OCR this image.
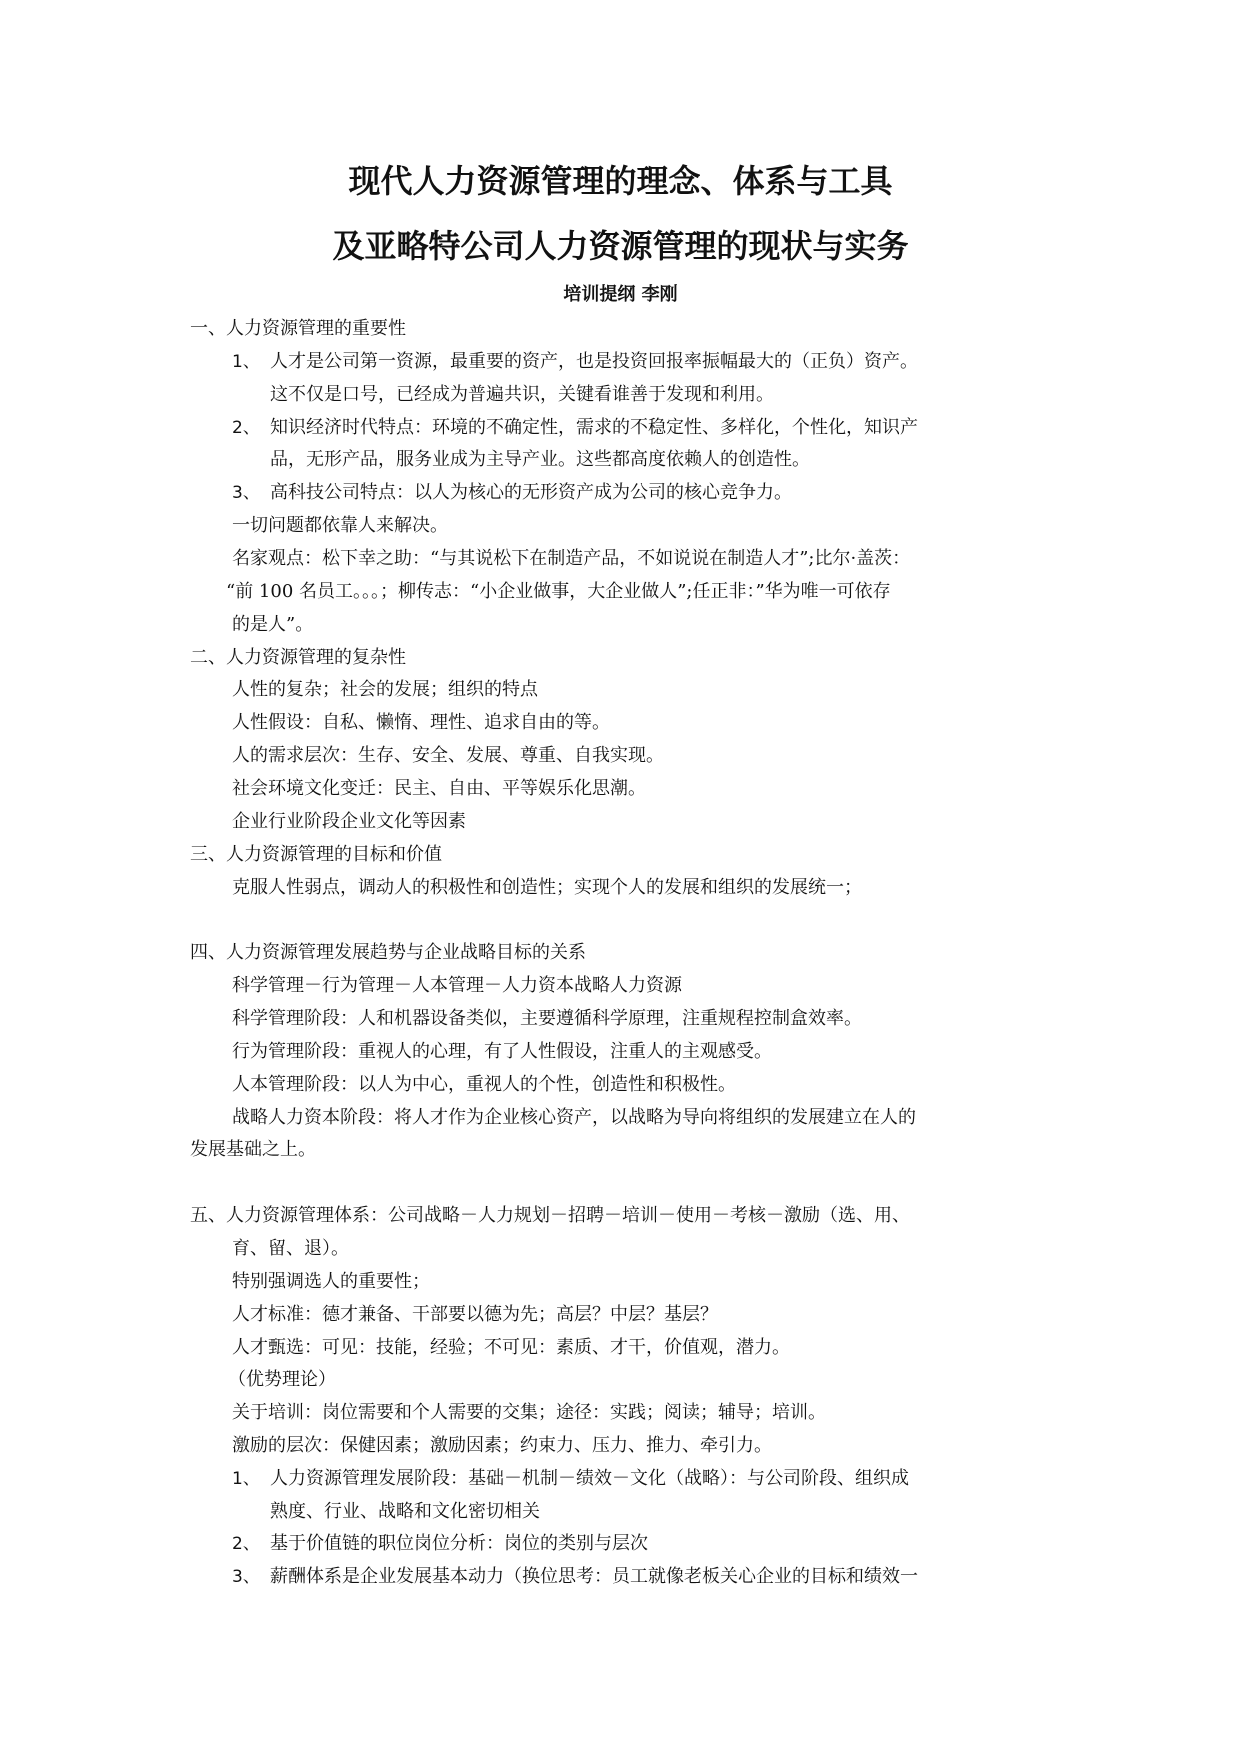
现代人力资源管理的理念、体系与工具
及亚略特公司人力资源管理的现状与实务
培训提纲 李刚
一、人力资源管理的重要性
1、 人才是公司第一资源，最重要的资产，也是投资回报率振幅最大的（正负）资产。
这不仅是口号，已经成为普遍共识，关键看谁善于发现和利用。
2、 知识经济时代特点：环境的不确定性，需求的不稳定性、多样化，个性化，知识产
品，无形产品，服务业成为主导产业。这些都高度依赖人的创造性。
3、 高科技公司特点：以人为核心的无形资产成为公司的核心竞争力。
一切问题都依靠人来解决。
名家观点：松下幸之助：“与其说松下在制造产品，不如说说在制造人才”;比尔·盖茨：
“前 100 名员工。。。；柳传志：“小企业做事，大企业做人”;任正非：”华为唯一可依存
的是人”。
二、人力资源管理的复杂性
人性的复杂；社会的发展；组织的特点
人性假设：自私、懒惰、理性、追求自由的等。
人的需求层次：生存、安全、发展、尊重、自我实现。
社会环境文化变迁：民主、自由、平等娱乐化思潮。
企业行业阶段企业文化等因素
三、人力资源管理的目标和价值
克服人性弱点，调动人的积极性和创造性；实现个人的发展和组织的发展统一；
四、人力资源管理发展趋势与企业战略目标的关系
科学管理－行为管理－人本管理－人力资本战略人力资源
科学管理阶段：人和机器设备类似，主要遵循科学原理，注重规程控制盒效率。
行为管理阶段：重视人的心理，有了人性假设，注重人的主观感受。
人本管理阶段：以人为中心，重视人的个性，创造性和积极性。
战略人力资本阶段：将人才作为企业核心资产，以战略为导向将组织的发展建立在人的
发展基础之上。
五、人力资源管理体系：公司战略－人力规划－招聘－培训－使用－考核－激励（选、用、
育、留、退）。
特别强调选人的重要性；
人才标准：德才兼备、干部要以德为先；高层？中层？基层？
人才甄选：可见：技能，经验；不可见：素质、才干，价值观，潜力。
（优势理论）
关于培训：岗位需要和个人需要的交集；途径：实践；阅读；辅导；培训。
激励的层次：保健因素；激励因素；约束力、压力、推力、牵引力。
1、 人力资源管理发展阶段：基础－机制－绩效－文化（战略）：与公司阶段、组织成
熟度、行业、战略和文化密切相关
2、 基于价值链的职位岗位分析：岗位的类别与层次
3、 薪酬体系是企业发展基本动力（换位思考：员工就像老板关心企业的目标和绩效一
